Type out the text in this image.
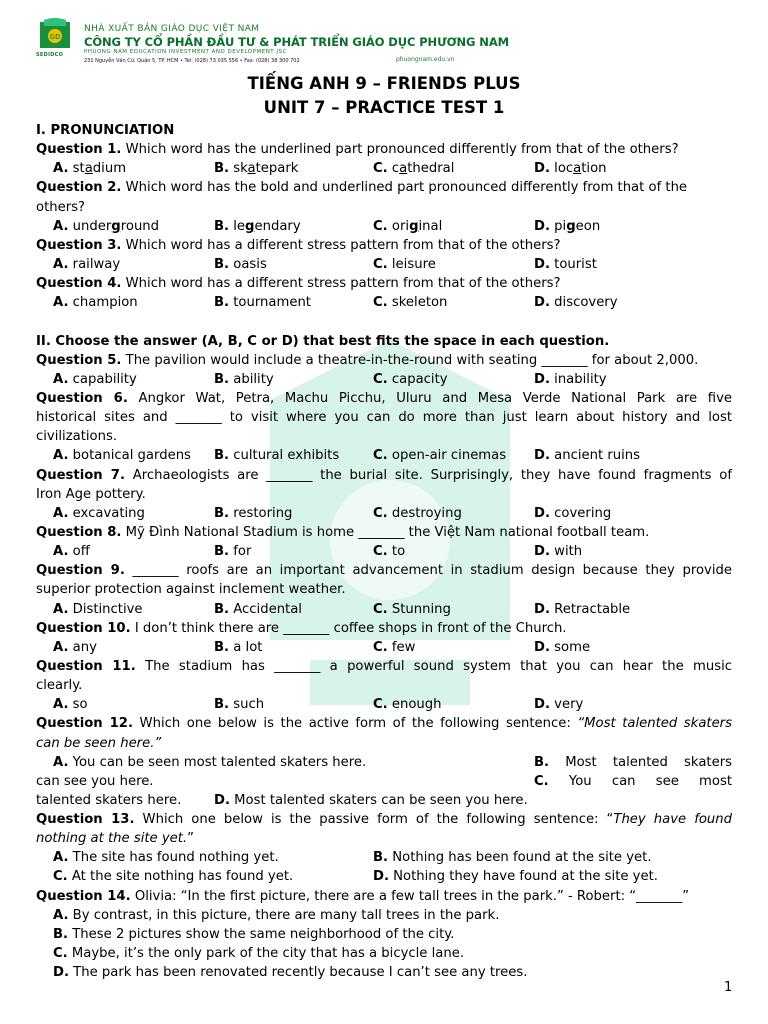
GD
SEDIDCO
NHÀ XUẤT BẢN GIÁO DỤC VIỆT NAM
CÔNG TY CỔ PHẦN ĐẦU TƯ & PHÁT TRIỂN GIÁO DỤC PHƯƠNG NAM
PHUONG NAM EDUCATION INVESTMENT AND DEVELOPMENT JSC
231 Nguyễn Văn Cừ, Quận 5, TP. HCM • Tel: (028) 73 035 556 • Fax: (028) 38 300 702	phuongnam.edu.vn
TIẾNG ANH 9 – FRIENDS PLUS
UNIT 7 – PRACTICE TEST 1
I. PRONUNCIATION
Question 1. Which word has the underlined part pronounced differently from that of the others?
A. stadium	B. skatepark	C. cathedral	D. location
Question 2. Which word has the bold and underlined part pronounced differently from that of the
others?
A. underground	B. legendary	C. original	D. pigeon
Question 3. Which word has a different stress pattern from that of the others?
A. railway	B. oasis	C. leisure	D. tourist
Question 4. Which word has a different stress pattern from that of the others?
A. champion	B. tournament	C. skeleton	D. discovery
II. Choose the answer (A, B, C or D) that best fits the space in each question.
Question 5. The pavilion would include a theatre-in-the-round with seating _______ for about 2,000.
A. capability	B. ability	C. capacity	D. inability
Question 6. Angkor Wat, Petra, Machu Picchu, Uluru and Mesa Verde National Park are five
historical sites and _______ to visit where you can do more than just learn about history and lost
civilizations.
A. botanical gardens B. cultural exhibits	C. open-air cinemas D. ancient ruins
Question 7. Archaeologists are _______ the burial site. Surprisingly, they have found fragments of
Iron Age pottery.
A. excavating	B. restoring	C. destroying	D. covering
Question 8. Mỹ Đình National Stadium is home _______ the Việt Nam national football team.
A. off	B. for	C. to	D. with
Question 9. _______ roofs are an important advancement in stadium design because they provide
superior protection against inclement weather.
A. Distinctive	B. Accidental	C. Stunning	D. Retractable
Question 10. I don’t think there are _______ coffee shops in front of the Church.
A. any	B. a lot	C. few	D. some
Question 11. The stadium has _______ a powerful sound system that you can hear the music
clearly.
A. so	B. such	C. enough	D. very
Question 12. Which one below is the active form of the following sentence: “Most talented skaters
can be seen here.”
A. You can be seen most talented skaters here.	B. Most talented skaters
can see you here.	C. You can see most
talented skaters here. D. Most talented skaters can be seen you here.
Question 13. Which one below is the passive form of the following sentence: “They have found
nothing at the site yet.”
A. The site has found nothing yet.	B. Nothing has been found at the site yet.
C. At the site nothing has found yet.	D. Nothing they have found at the site yet.
Question 14. Olivia: “In the first picture, there are a few tall trees in the park.” - Robert: “_______”
A. By contrast, in this picture, there are many tall trees in the park.
B. These 2 pictures show the same neighborhood of the city.
C. Maybe, it’s the only park of the city that has a bicycle lane.
D. The park has been renovated recently because I can’t see any trees.
1
